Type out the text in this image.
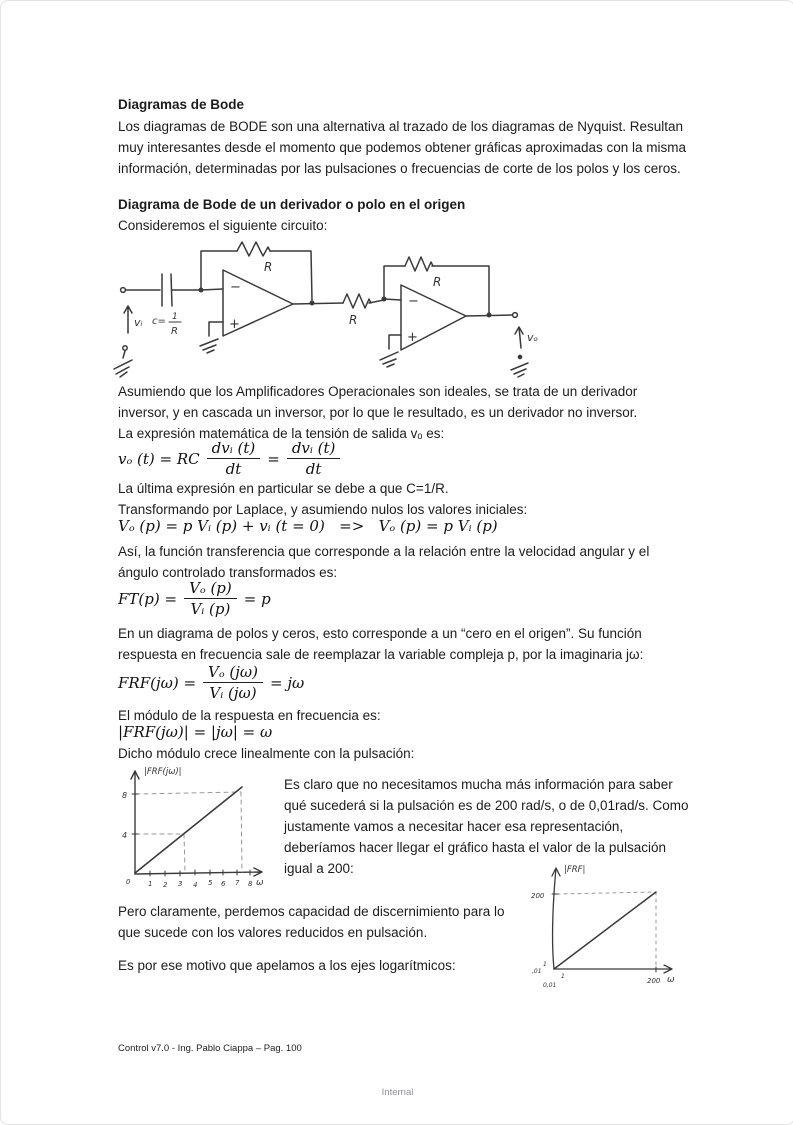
Diagramas de Bode
Los diagramas de BODE son una alternativa al trazado de los diagramas de Nyquist. Resultan
muy interesantes desde el momento que podemos obtener gráficas aproximadas con la misma
información, determinadas por las pulsaciones o frecuencias de corte de los polos y los ceros.
Diagrama de Bode de un derivador o polo en el origen
Consideremos el siguiente circuito:
c= 1
R
vᵢ
R
−
+	R
R
−
+	vₒ
Asumiendo que los Amplificadores Operacionales son ideales, se trata de un derivador
inversor, y en cascada un inversor, por lo que le resultado, es un derivador no inversor.
La expresión matemática de la tensión de salida vₒ es:
vₒ (t) = RC $\frac{\text{dvᵢ (t)}}{dt} = \frac{\text{dvᵢ (t)}}{dt}$
La última expresión en particular se debe a que C=1/R.
Transformando por Laplace, y asumiendo nulos los valores iniciales:
Vₒ (p) = p Vᵢ (p) + vᵢ (t = 0)   =>   Vₒ (p) = p Vᵢ (p)
Así, la función transferencia que corresponde a la relación entre la velocidad angular y el
ángulo controlado transformados es:
$FT(p) = \frac{\text{Vₒ (p)}}{\text{Vᵢ (p)}} = p$
En un diagrama de polos y ceros, esto corresponde a un “cero en el origen”. Su función
respuesta en frecuencia sale de reemplazar la variable compleja p, por la imaginaria jω:
$FRF(j\omega) = \frac{\text{Vₒ (jω)}}{\text{Vᵢ (jω)}} = j\omega$
El módulo de la respuesta en frecuencia es:
|FRF(jω)| = |jω| = ω
Dicho módulo crece linealmente con la pulsación:
|FRF(jω)|
8
4
1 2 3 4 5 6 7 8
0	ω
Es claro que no necesitamos mucha más información para saber
qué sucederá si la pulsación es de 200 rad/s, o de 0,01rad/s. Como
justamente vamos a necesitar hacer esa representación,
deberíamos hacer llegar el gráfico hasta el valor de la pulsación
igual a 200:	|FRF|
200
200 ω
1
,01
1
0,01
Pero claramente, perdemos capacidad de discernimiento para lo
que sucede con los valores reducidos en pulsación.
Es por ese motivo que apelamos a los ejes logarítmicos:
Control v7.0 - Ing. Pablo Ciappa – Pag. 100
Internal
